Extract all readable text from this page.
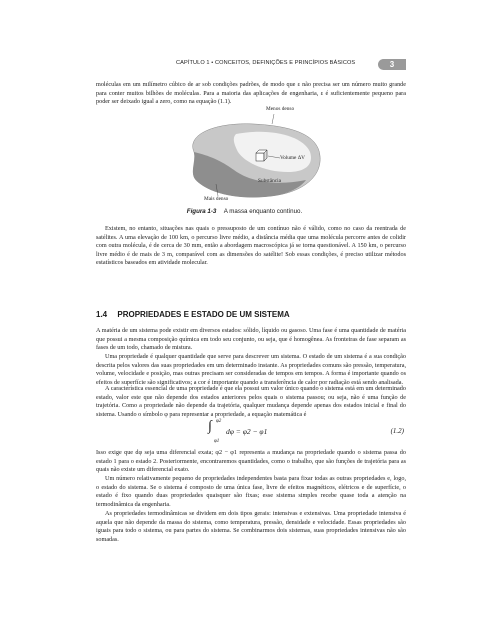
CAPÍTULO 1 • CONCEITOS, DEFINIÇÕES E PRINCÍPIOS BÁSICOS	3
moléculas em um milímetro cúbico de ar sob condições padrões, de modo que ε não precisa ser um número muito grande para conter muitos bilhões de moléculas. Para a maioria das aplicações de engenharia, ε é suficientemente pequeno para poder ser deixado igual a zero, como na equação (1.1).
Menos denso
Volume ΔV
Substância
Mais denso
Figura 1-3 A massa enquanto contínuo.
Existem, no entanto, situações nas quais o pressuposto de um contínuo não é válido, como no caso da reentrada de satélites. A uma elevação de 100 km, o percurso livre médio, a distância média que uma molécula percorre antes de colidir com outra molécula, é de cerca de 30 mm, então a abordagem macroscópica já se torna questionável. A 150 km, o percurso livre médio é de mais de 3 m, comparável com as dimensões do satélite! Sob essas condições, é preciso utilizar métodos estatísticos baseados em atividade molecular.
1.4 PROPRIEDADES E ESTADO DE UM SISTEMA
A matéria de um sistema pode existir em diversos estados: sólido, líquido ou gasoso. Uma fase é uma quantidade de matéria que possui a mesma composição química em todo seu conjunto, ou seja, que é homogênea. As fronteiras de fase separam as fases de um todo, chamado de mistura.
Uma propriedade é qualquer quantidade que serve para descrever um sistema. O estado de um sistema é a sua condição descrita pelos valores das suas propriedades em um determinado instante. As propriedades comuns são pressão, temperatura, volume, velocidade e posição, mas outras precisam ser consideradas de tempos em tempos. A forma é importante quando os efeitos de superfície são significativos; a cor é importante quando a transferência de calor por radiação está sendo analisada.
A característica essencial de uma propriedade é que ela possui um valor único quando o sistema está em um determinado estado, valor este que não depende dos estados anteriores pelos quais o sistema passou; ou seja, não é uma função de trajetória. Como a propriedade não depende da trajetória, qualquer mudança depende apenas dos estados inicial e final do sistema. Usando o símbolo φ para representar a propriedade, a equação matemática é
∫ φ2
φ1
dφ = φ2 − φ1	(1.2)
Isso exige que dφ seja uma diferencial exata; φ2 − φ1 representa a mudança na propriedade quando o sistema passa do estado 1 para o estado 2. Posteriormente, encontraremos quantidades, como o trabalho, que são funções de trajetória para as quais não existe um diferencial exato.
Um número relativamente pequeno de propriedades independentes basta para fixar todas as outras propriedades e, logo, o estado do sistema. Se o sistema é composto de uma única fase, livre de efeitos magnéticos, elétricos e de superfície, o estado é fixo quando duas propriedades quaisquer são fixas; esse sistema simples recebe quase toda a atenção na termodinâmica da engenharia.
As propriedades termodinâmicas se dividem em dois tipos gerais: intensivas e extensivas. Uma propriedade intensiva é aquela que não depende da massa do sistema, como temperatura, pressão, densidade e velocidade. Essas propriedades são iguais para todo o sistema, ou para partes do sistema. Se combinarmos dois sistemas, suas propriedades intensivas não são somadas.
